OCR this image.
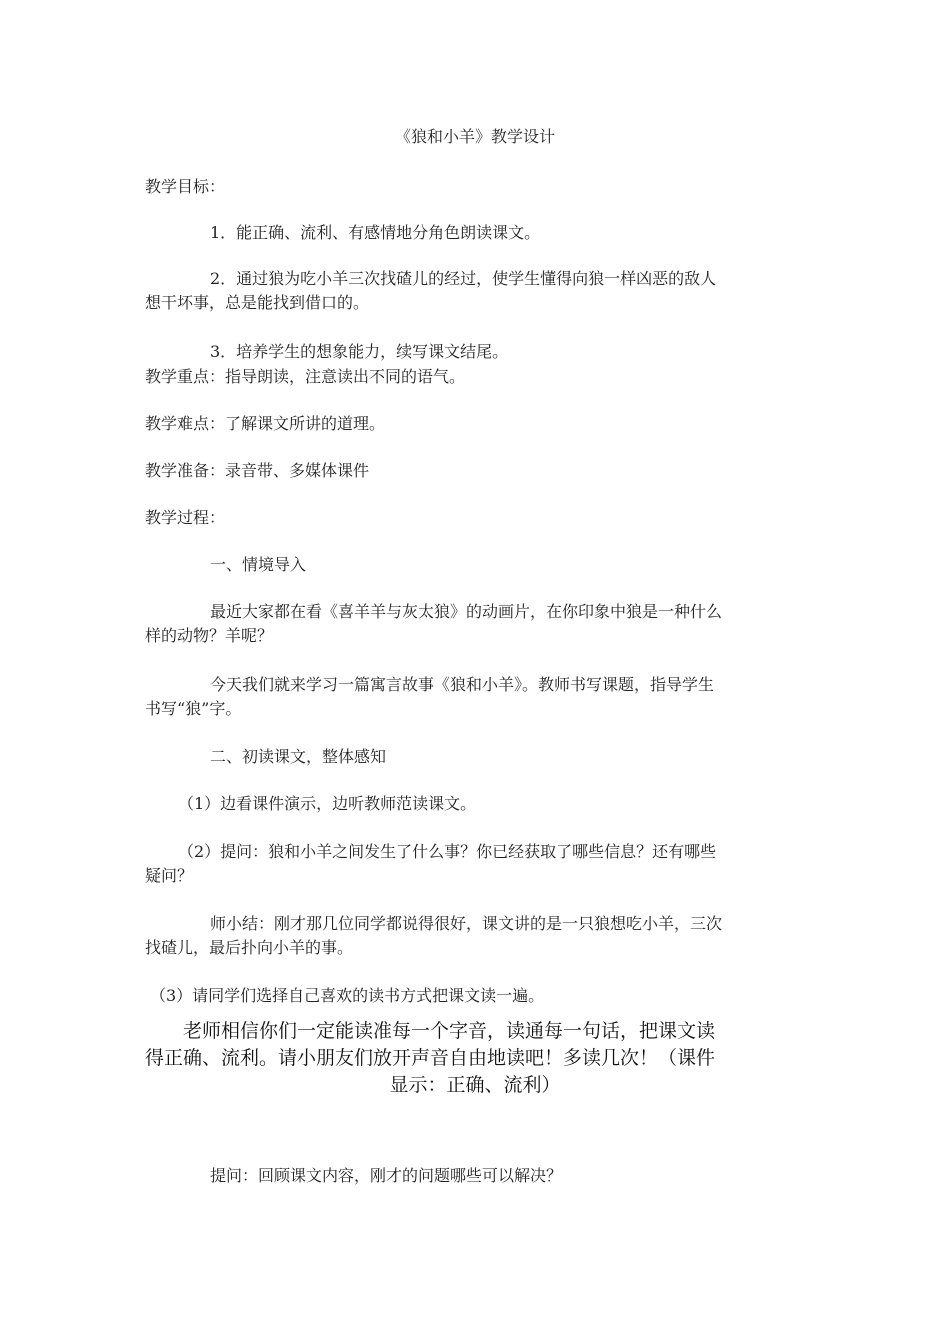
《狼和小羊》教学设计
教学目标：
1．能正确、流利、有感情地分角色朗读课文。
2．通过狼为吃小羊三次找碴儿的经过，使学生懂得向狼一样凶恶的敌人
想干坏事，总是能找到借口的。
3．培养学生的想象能力，续写课文结尾。
教学重点：指导朗读，注意读出不同的语气。
教学难点：了解课文所讲的道理。
教学准备：录音带、多媒体课件
教学过程：
一、情境导入
最近大家都在看《喜羊羊与灰太狼》的动画片，在你印象中狼是一种什么
样的动物？羊呢？
今天我们就来学习一篇寓言故事《狼和小羊》。教师书写课题，指导学生
书写“狼”字。
二、初读课文，整体感知
（1）边看课件演示，边听教师范读课文。
（2）提问：狼和小羊之间发生了什么事？你已经获取了哪些信息？还有哪些
疑问？
师小结：刚才那几位同学都说得很好，课文讲的是一只狼想吃小羊，三次
找碴儿，最后扑向小羊的事。
（3）请同学们选择自己喜欢的读书方式把课文读一遍。
老师相信你们一定能读准每一个字音，读通每一句话，把课文读
得正确、流利。请小朋友们放开声音自由地读吧！多读几次！（课件
显示：正确、流利）
提问：回顾课文内容，刚才的问题哪些可以解决？
